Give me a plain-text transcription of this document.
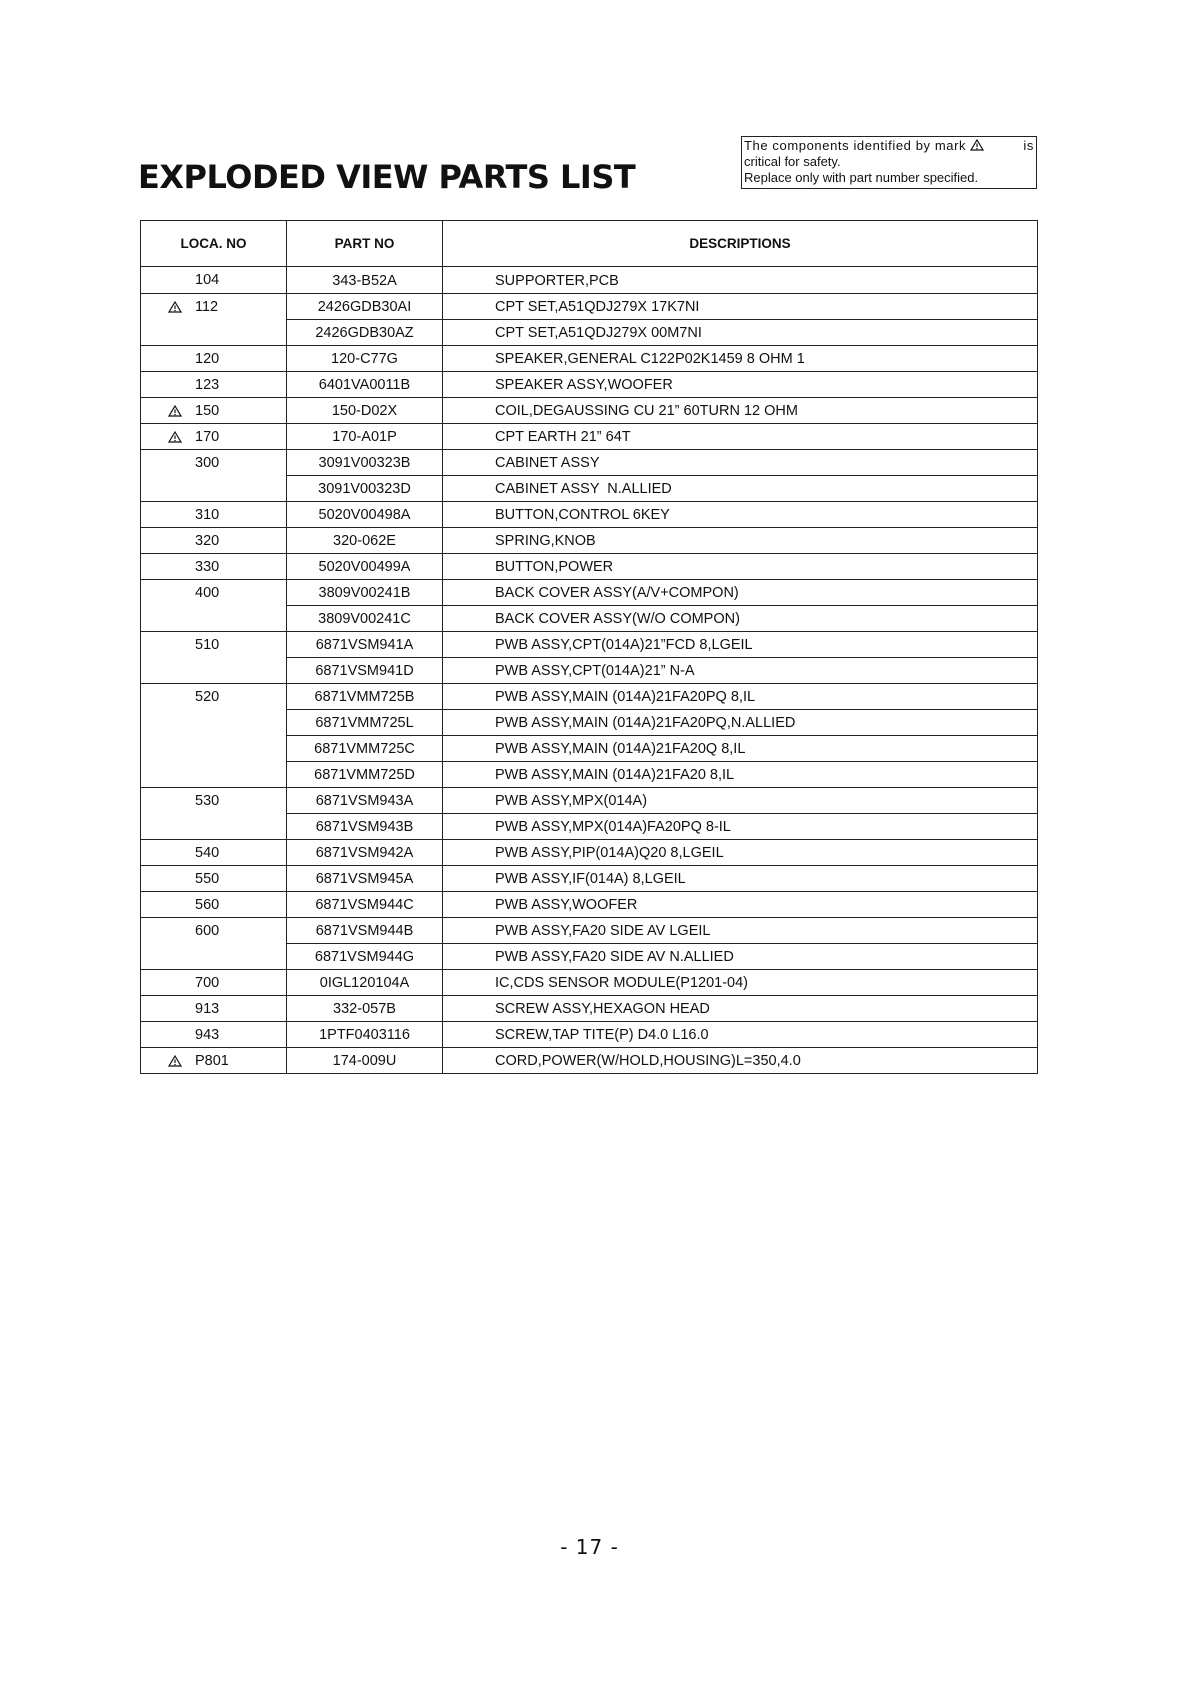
EXPLODED VIEW PARTS LIST
The components identified by mark	is
critical for safety.
Replace only with part number specified.
LOCA. NO	PART NO	DESCRIPTIONS

104	343-B52A	SUPPORTER,PCB

112	2426GDB30AI	CPT SET,A51QDJ279X 17K7NI

	2426GDB30AZ	CPT SET,A51QDJ279X 00M7NI

120	120-C77G	SPEAKER,GENERAL C122P02K1459 8 OHM 1

123	6401VA0011B	SPEAKER ASSY,WOOFER

150	150-D02X	COIL,DEGAUSSING CU 21” 60TURN 12 OHM

170	170-A01P	CPT EARTH 21” 64T

300	3091V00323B	CABINET ASSY

	3091V00323D	CABINET ASSY  N.ALLIED

310	5020V00498A	BUTTON,CONTROL 6KEY

320	320-062E	SPRING,KNOB

330	5020V00499A	BUTTON,POWER

400	3809V00241B	BACK COVER ASSY(A/V+COMPON)

	3809V00241C	BACK COVER ASSY(W/O COMPON)

510	6871VSM941A	PWB ASSY,CPT(014A)21”FCD 8,LGEIL

	6871VSM941D	PWB ASSY,CPT(014A)21” N-A

520	6871VMM725B	PWB ASSY,MAIN (014A)21FA20PQ 8,IL

	6871VMM725L	PWB ASSY,MAIN (014A)21FA20PQ,N.ALLIED

	6871VMM725C	PWB ASSY,MAIN (014A)21FA20Q 8,IL

	6871VMM725D	PWB ASSY,MAIN (014A)21FA20 8,IL

530	6871VSM943A	PWB ASSY,MPX(014A)

	6871VSM943B	PWB ASSY,MPX(014A)FA20PQ 8-IL

540	6871VSM942A	PWB ASSY,PIP(014A)Q20 8,LGEIL

550	6871VSM945A	PWB ASSY,IF(014A) 8,LGEIL

560	6871VSM944C	PWB ASSY,WOOFER

600	6871VSM944B	PWB ASSY,FA20 SIDE AV LGEIL

	6871VSM944G	PWB ASSY,FA20 SIDE AV N.ALLIED

700	0IGL120104A	IC,CDS SENSOR MODULE(P1201-04)

913	332-057B	SCREW ASSY,HEXAGON HEAD

943	1PTF0403116	SCREW,TAP TITE(P) D4.0 L16.0

P801	174-009U	CORD,POWER(W/HOLD,HOUSING)L=350,4.0
- 17 -
